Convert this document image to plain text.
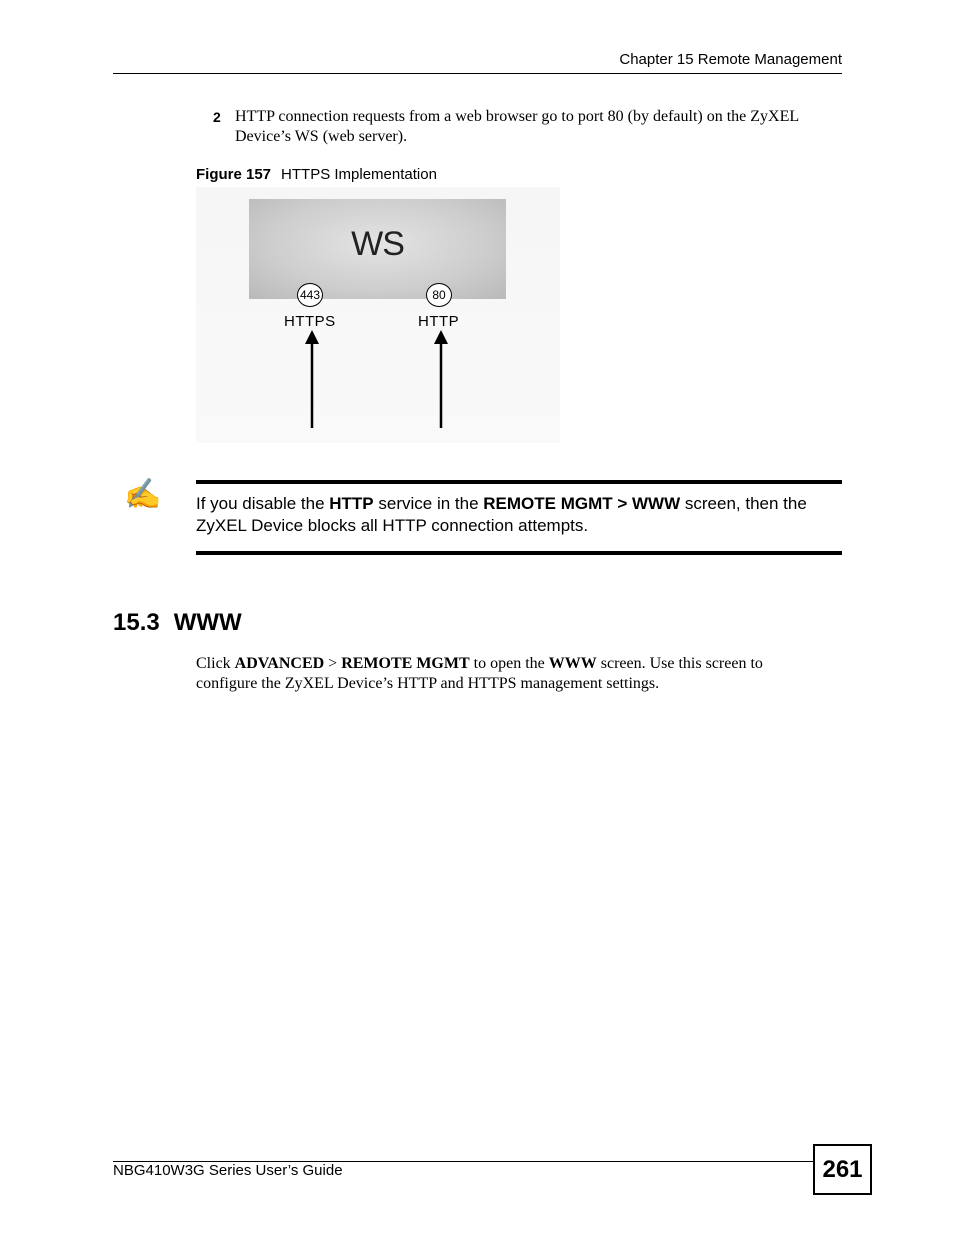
Chapter 15 Remote Management
2 HTTP connection requests from a web browser go to port 80 (by default) on the ZyXEL Device’s WS (web server).
Figure 157 HTTPS Implementation
WS
443	80
HTTPS	HTTP
✍ If you disable the HTTP service in the REMOTE MGMT > WWW screen, then the ZyXEL Device blocks all HTTP connection attempts.
15.3 WWW
Click ADVANCED > REMOTE MGMT to open the WWW screen. Use this screen to configure the ZyXEL Device’s HTTP and HTTPS management settings.
NBG410W3G Series User’s Guide	261
